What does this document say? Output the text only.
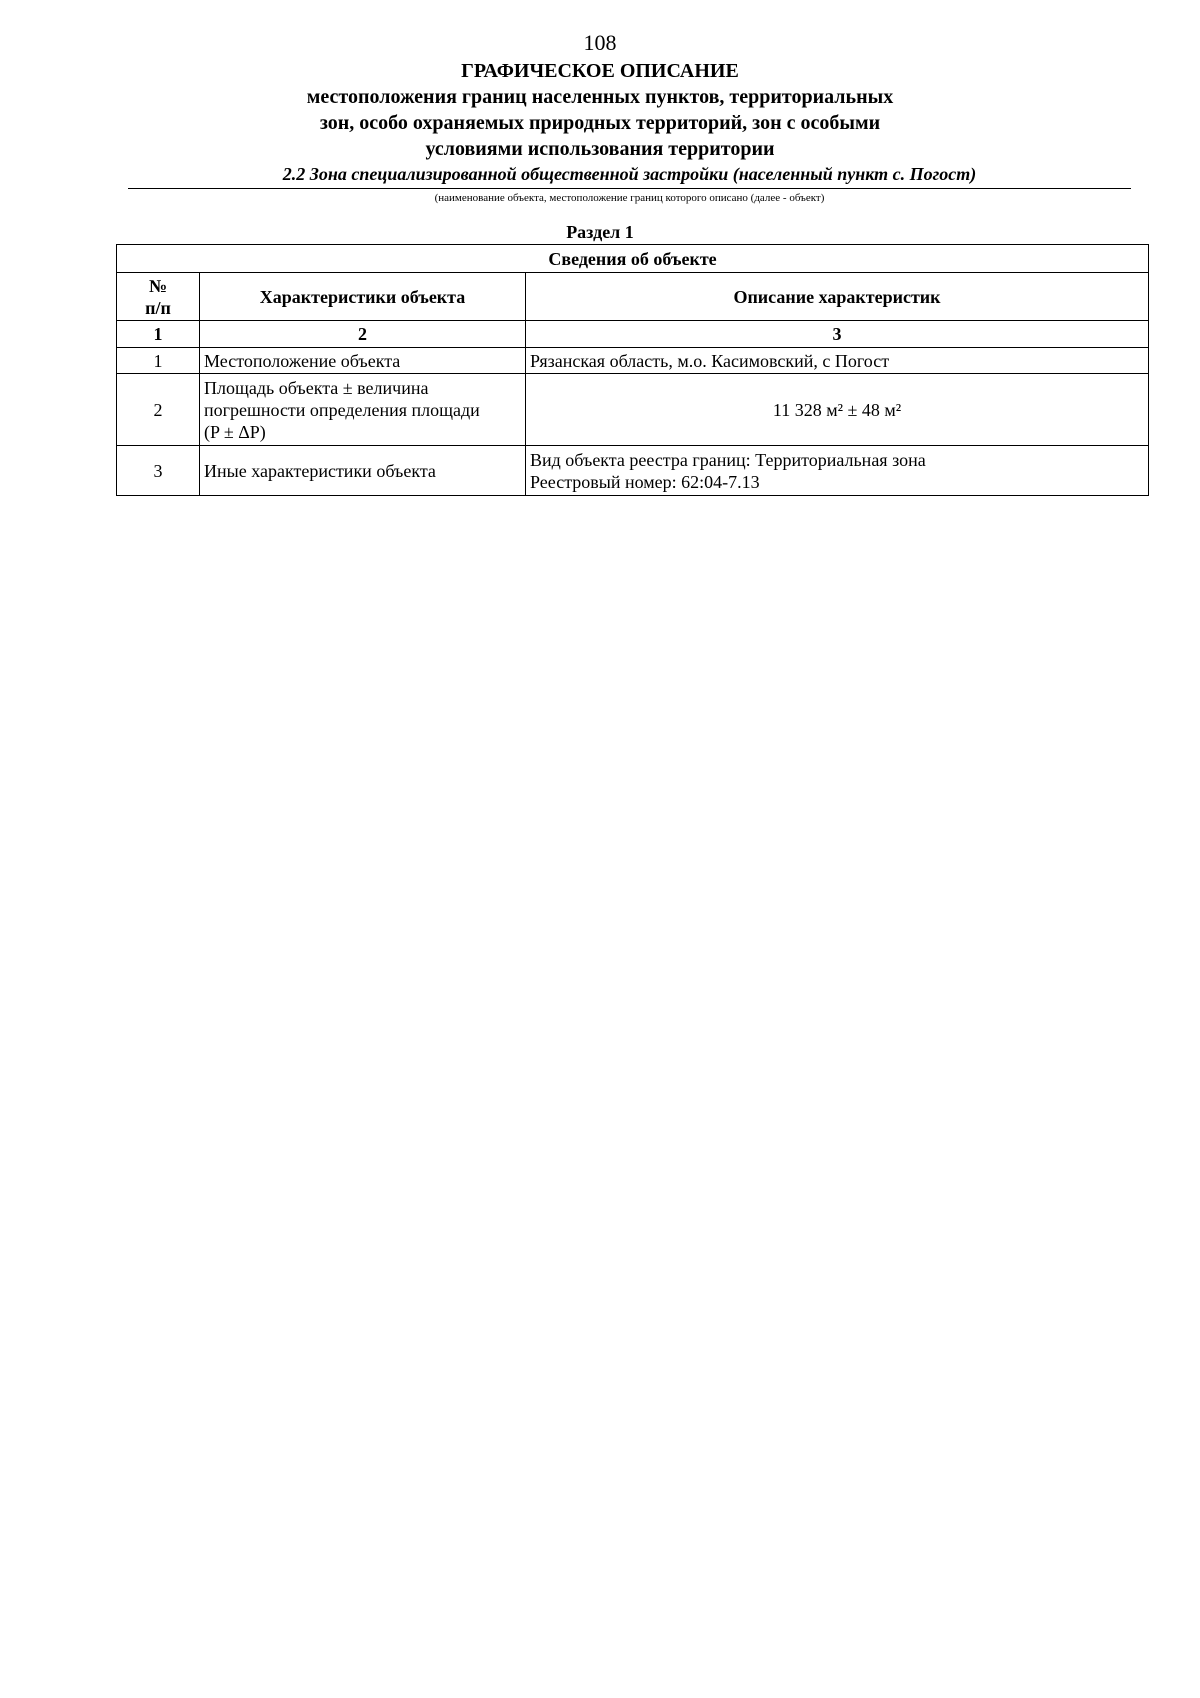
108
ГРАФИЧЕСКОЕ ОПИСАНИЕ
местоположения границ населенных пунктов, территориальных
зон, особо охраняемых природных территорий, зон с особыми
условиями использования территории
2.2 Зона специализированной общественной застройки (населенный пункт с. Погост)
(наименование объекта, местоположение границ которого описано (далее - объект)
Раздел 1
Сведения об объекте		

№
п/п	Характеристики объекта	Описание характеристик
1	2	3
1	Местоположение объекта	Рязанская область, м.о. Касимовский, с Погост
2	Площадь объекта ± величина
погрешности определения площади
(P ± ΔP)	11 328 м² ± 48 м²
3	Иные характеристики объекта	Вид объекта реестра границ: Территориальная зона
Реестровый номер: 62:04-7.13
